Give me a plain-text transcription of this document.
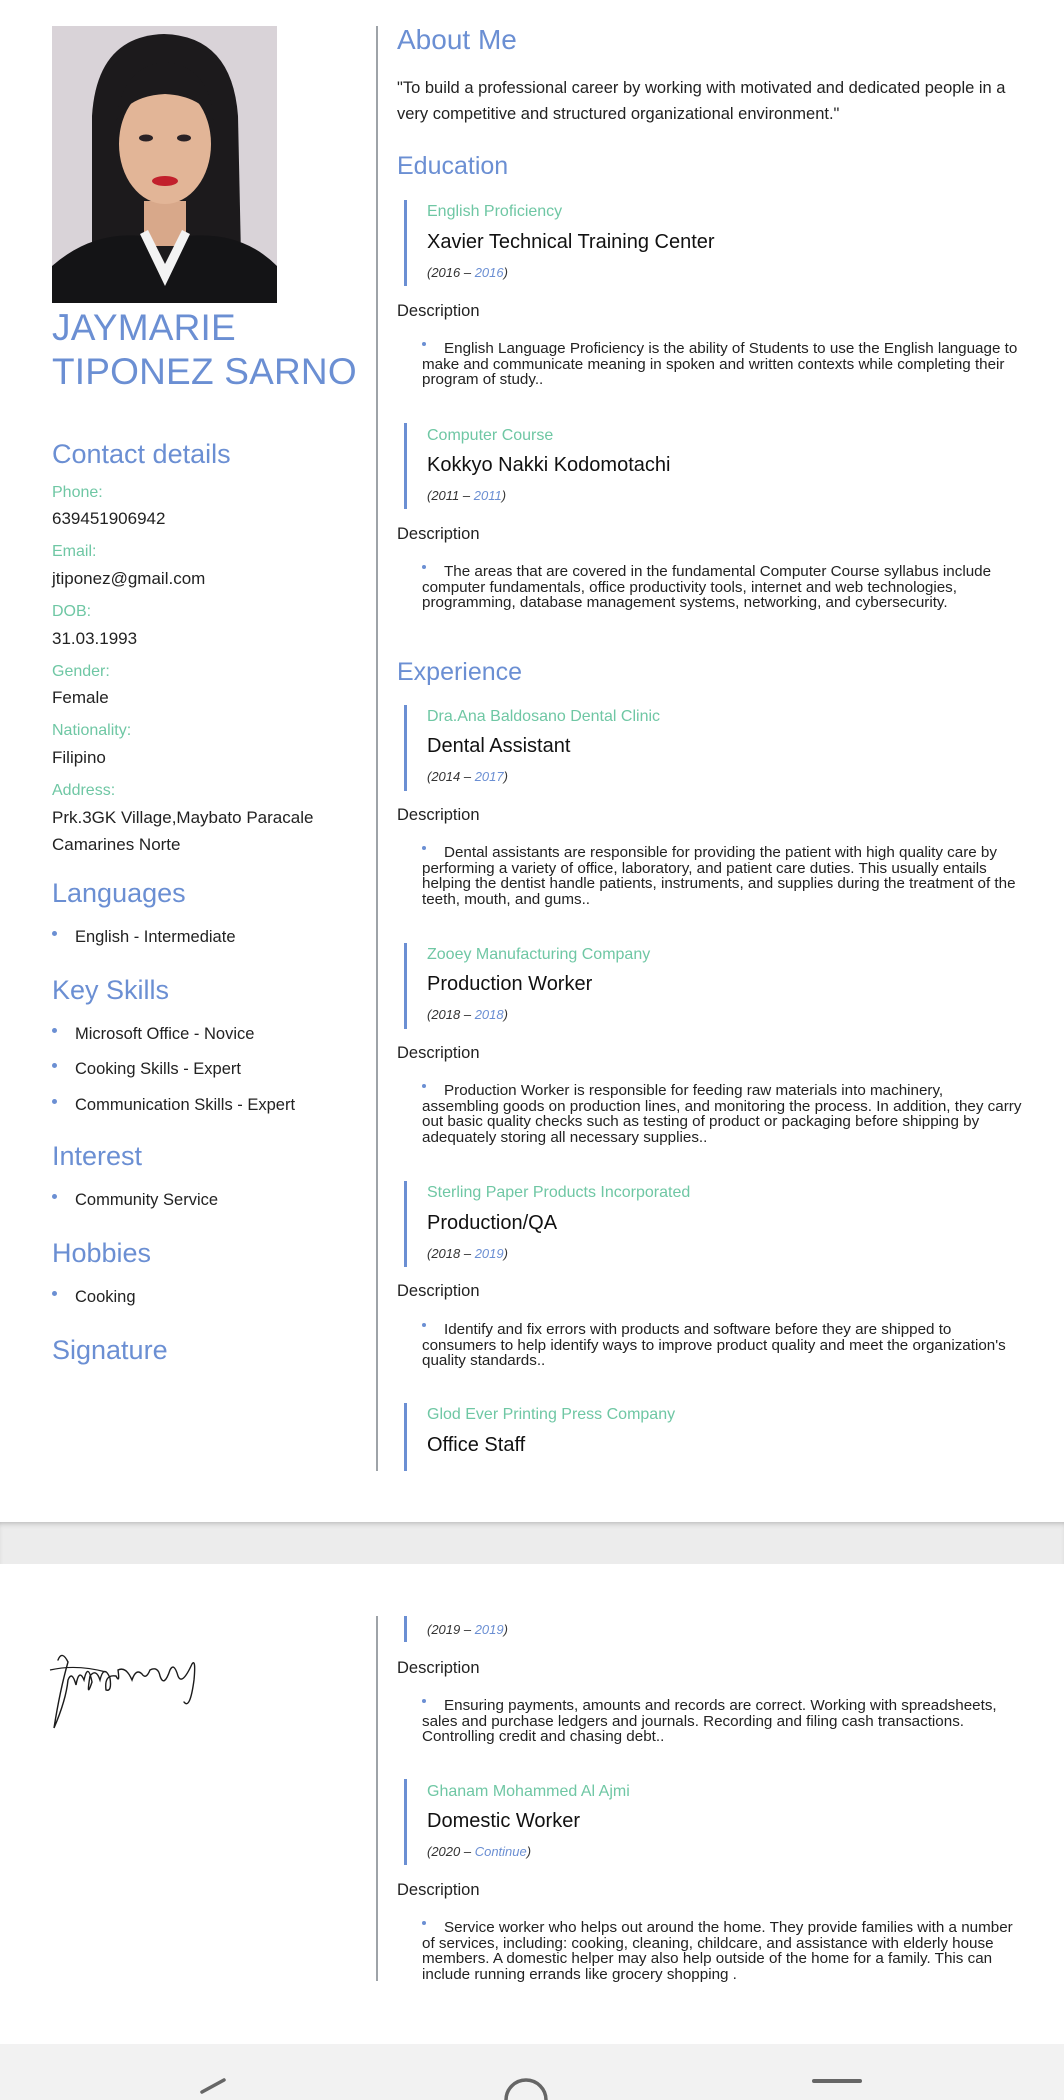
JAYMARIE
TIPONEZ SARNO
Contact details
Phone:
639451906942
Email:
jtiponez@gmail.com
DOB:
31.03.1993
Gender:
Female
Nationality:
Filipino
Address:
Prk.3GK Village,Maybato Paracale Camarines Norte
Languages
English - Intermediate
Key Skills
Microsoft Office - Novice
Cooking Skills - Expert
Communication Skills - Expert
Interest
Community Service
Hobbies
Cooking
Signature
About Me
"To build a professional career by working with motivated and dedicated people in a very competitive and structured organizational environment."
Education
English Proficiency
Xavier Technical Training Center
(2016 – 2016)
Description
English Language Proficiency is the ability of Students to use the English language to make and communicate meaning in spoken and written contexts while completing their program of study..
Computer Course
Kokkyo Nakki Kodomotachi
(2011 – 2011)
Description
The areas that are covered in the fundamental Computer Course syllabus include computer fundamentals, office productivity tools, internet and web technologies, programming, database management systems, networking, and cybersecurity.
Experience
Dra.Ana Baldosano Dental Clinic
Dental Assistant
(2014 – 2017)
Description
Dental assistants are responsible for providing the patient with high quality care by performing a variety of office, laboratory, and patient care duties. This usually entails helping the dentist handle patients, instruments, and supplies during the treatment of the teeth, mouth, and gums..
Zooey Manufacturing Company
Production Worker
(2018 – 2018)
Description
Production Worker is responsible for feeding raw materials into machinery, assembling goods on production lines, and monitoring the process. In addition, they carry out basic quality checks such as testing of product or packaging before shipping by adequately storing all necessary supplies..
Sterling Paper Products Incorporated
Production/QA
(2018 – 2019)
Description
Identify and fix errors with products and software before they are shipped to consumers to help identify ways to improve product quality and meet the organization's quality standards..
Glod Ever Printing Press Company
Office Staff
(2019 – 2019)
Description
Ensuring payments, amounts and records are correct. Working with spreadsheets, sales and purchase ledgers and journals. Recording and filing cash transactions. Controlling credit and chasing debt..
Ghanam Mohammed Al Ajmi
Domestic Worker
(2020 – Continue)
Description
Service worker who helps out around the home. They provide families with a number of services, including: cooking, cleaning, childcare, and assistance with elderly house members. A domestic helper may also help outside of the home for a family. This can include running errands like grocery shopping .
